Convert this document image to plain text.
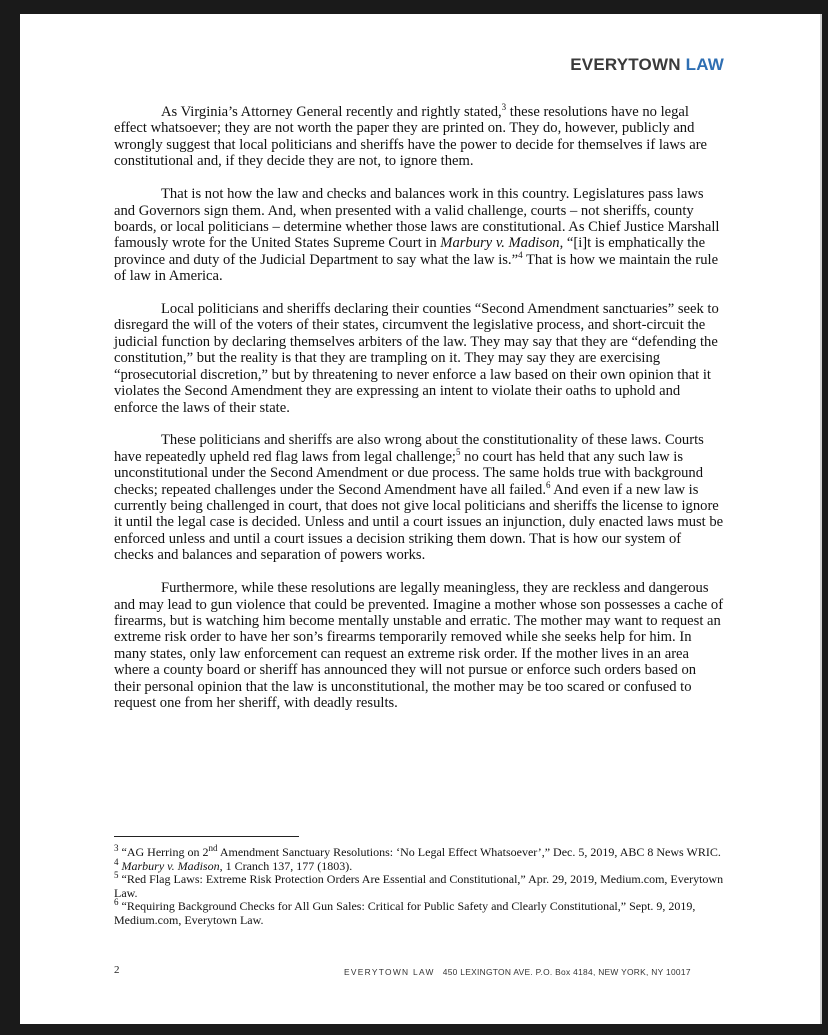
EVERYTOWN LAW

As Virginia’s Attorney General recently and rightly stated,$^3$ these resolutions have no legal effect whatsoever; they are not worth the paper they are printed on. They do, however, publicly and wrongly suggest that local politicians and sheriffs have the power to decide for themselves if laws are constitutional and, if they decide they are not, to ignore them.

That is not how the law and checks and balances work in this country. Legislatures pass laws and Governors sign them. And, when presented with a valid challenge, courts – not sheriffs, county boards, or local politicians – determine whether those laws are constitutional. As Chief Justice Marshall famously wrote for the United States Supreme Court in Marbury v. Madison, “[i]t is emphatically the province and duty of the Judicial Department to say what the law is.”$^4$ That is how we maintain the rule of law in America.

Local politicians and sheriffs declaring their counties “Second Amendment sanctuaries” seek to disregard the will of the voters of their states, circumvent the legislative process, and short-circuit the judicial function by declaring themselves arbiters of the law. They may say that they are “defending the constitution,” but the reality is that they are trampling on it. They may say they are exercising “prosecutorial discretion,” but by threatening to never enforce a law based on their own opinion that it violates the Second Amendment they are expressing an intent to violate their oaths to uphold and enforce the laws of their state.

These politicians and sheriffs are also wrong about the constitutionality of these laws. Courts have repeatedly upheld red flag laws from legal challenge;$^5$ no court has held that any such law is unconstitutional under the Second Amendment or due process. The same holds true with background checks; repeated challenges under the Second Amendment have all failed.$^6$ And even if a new law is currently being challenged in court, that does not give local politicians and sheriffs the license to ignore it until the legal case is decided. Unless and until a court issues an injunction, duly enacted laws must be enforced unless and until a court issues a decision striking them down. That is how our system of checks and balances and separation of powers works.

Furthermore, while these resolutions are legally meaningless, they are reckless and dangerous and may lead to gun violence that could be prevented. Imagine a mother whose son possesses a cache of firearms, but is watching him become mentally unstable and erratic. The mother may want to request an extreme risk order to have her son’s firearms temporarily removed while she seeks help for him. In many states, only law enforcement can request an extreme risk order. If the mother lives in an area where a county board or sheriff has announced they will not pursue or enforce such orders based on their personal opinion that the law is unconstitutional, the mother may be too scared or confused to request one from her sheriff, with deadly results.

$^3$ “AG Herring on 2nd Amendment Sanctuary Resolutions: ‘No Legal Effect Whatsoever’,” Dec. 5, 2019, ABC 8 News WRIC.
$^4$ Marbury v. Madison, 1 Cranch 137, 177 (1803).
$^5$ “Red Flag Laws: Extreme Risk Protection Orders Are Essential and Constitutional,” Apr. 29, 2019, Medium.com, Everytown Law.
$^6$ “Requiring Background Checks for All Gun Sales: Critical for Public Safety and Clearly Constitutional,” Sept. 9, 2019, Medium.com, Everytown Law.
2	EVERYTOWN LAW 450 LEXINGTON AVE. P.O. Box 4184, NEW YORK, NY 10017
